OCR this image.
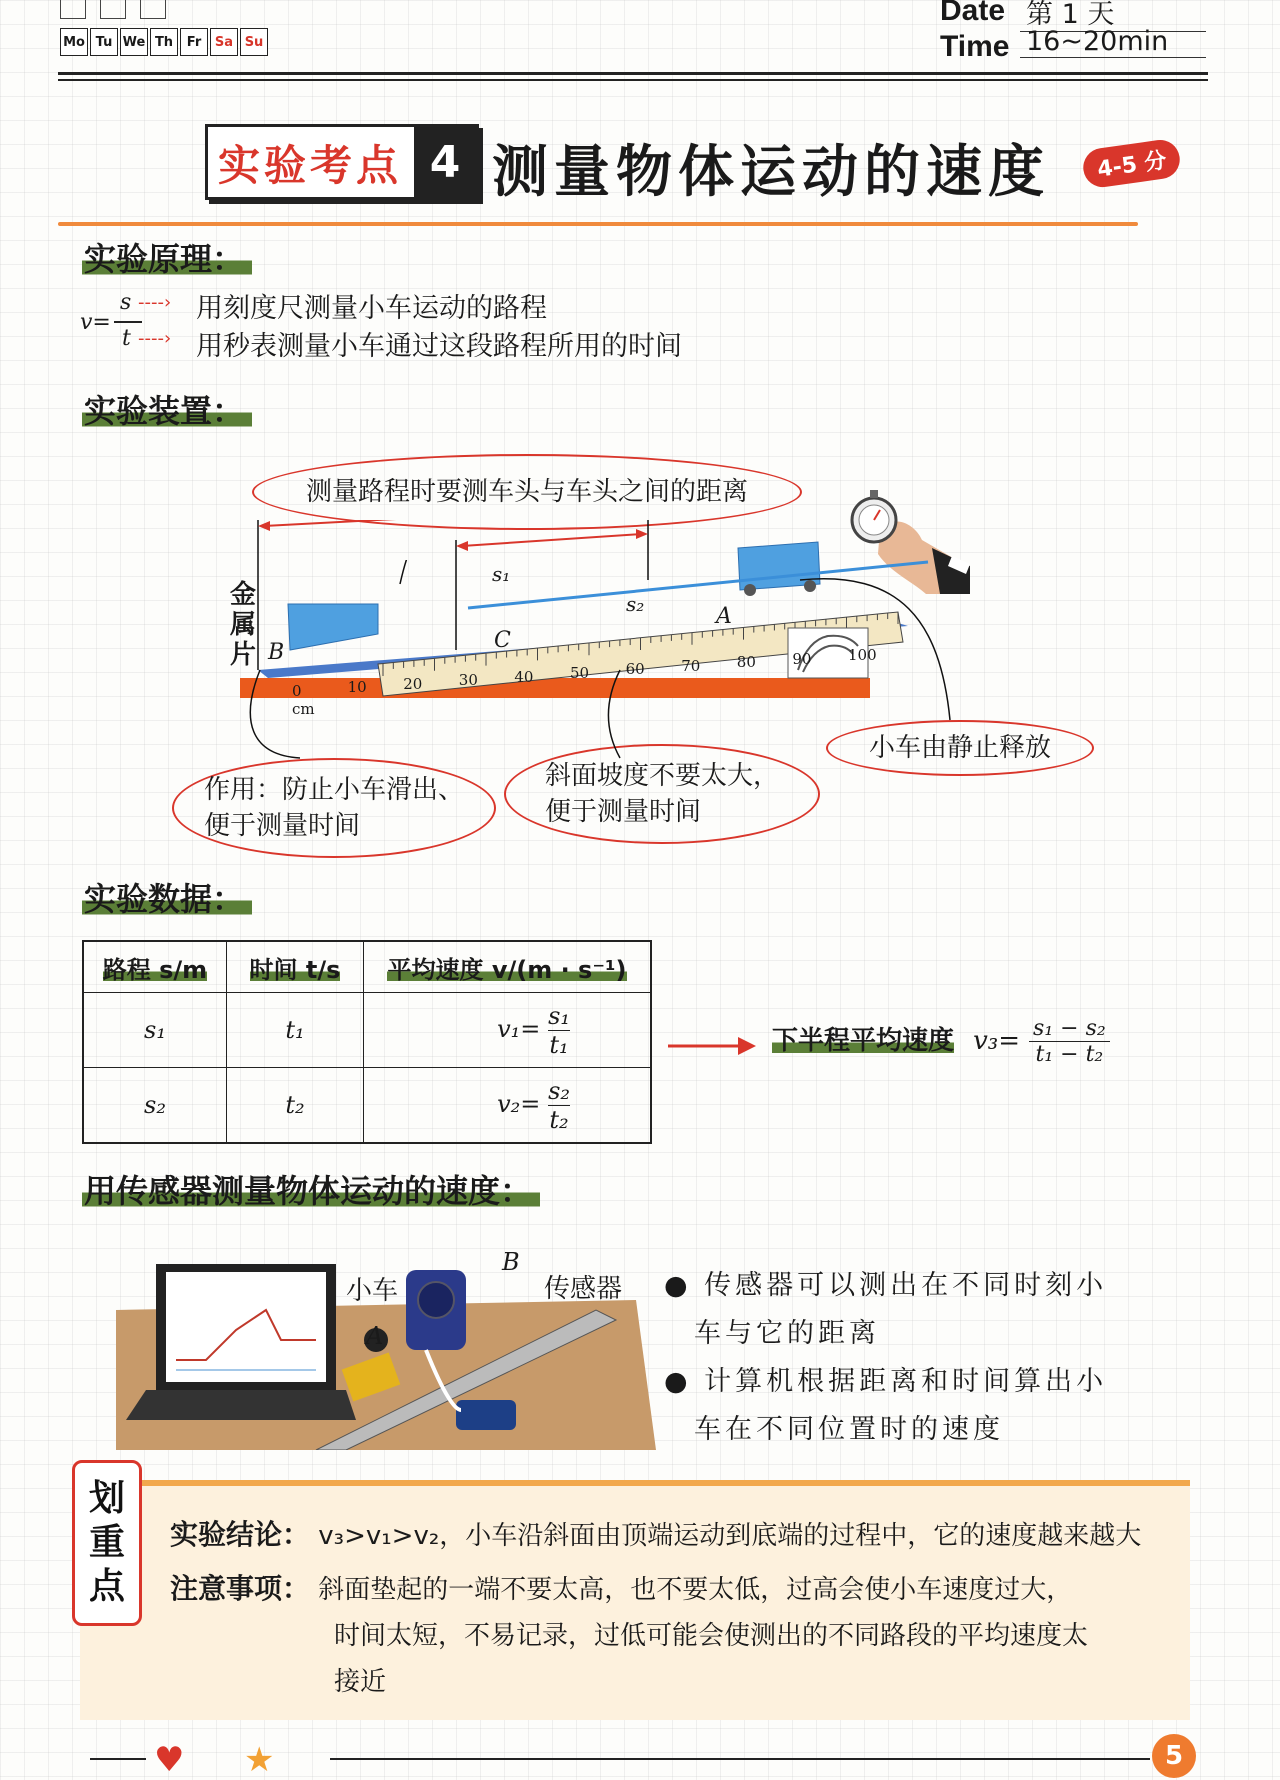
Mo Tu We Th	Fr	Sa Su
Date 第 1 天
Time 16~20min
实验考点 4 测量物体运动的速度	4-5 分
实验原理：
v=
s
t
‐‐‐‐›
‐‐‐‐›
用刻度尺测量小车运动的路程
用秒表测量小车通过这段路程所用的时间
实验装置：
测量路程时要测车头与车头之间的距离
金
属
片 B	C
A
s₁
s₂
0 cm
10 20 30 40 50 60 70 80 90 100
小车由静止释放
作用：防止小车滑出、
便于测量时间
斜面坡度不要太大，
便于测量时间
实验数据：
路程 s/m	时间 t/s	平均速度 v/(m · s⁻¹)
s₁	t₁	$v_1= \frac{\text{s₁}}{\text{t₁}}$

s₂	t₂	$v_2= \frac{\text{s₂}}{\text{t₂}}$
下半程平均速度 $v_3= \frac{\text{s₁ − s₂}}{\text{t₁ − t₂}}$
用传感器测量物体运动的速度：
小车
B
A
传感器 ● 传感器可以测出在不同时刻小
车与它的距离
● 计算机根据距离和时间算出小
车在不同位置时的速度
划
重
点
实验结论： v₃>v₁>v₂，小车沿斜面由顶端运动到底端的过程中，它的速度越来越大
注意事项： 斜面垫起的一端不要太高，也不要太低，过高会使小车速度过大，
时间太短，不易记录，过低可能会使测出的不同路段的平均速度太
接近
♥ ★	5
